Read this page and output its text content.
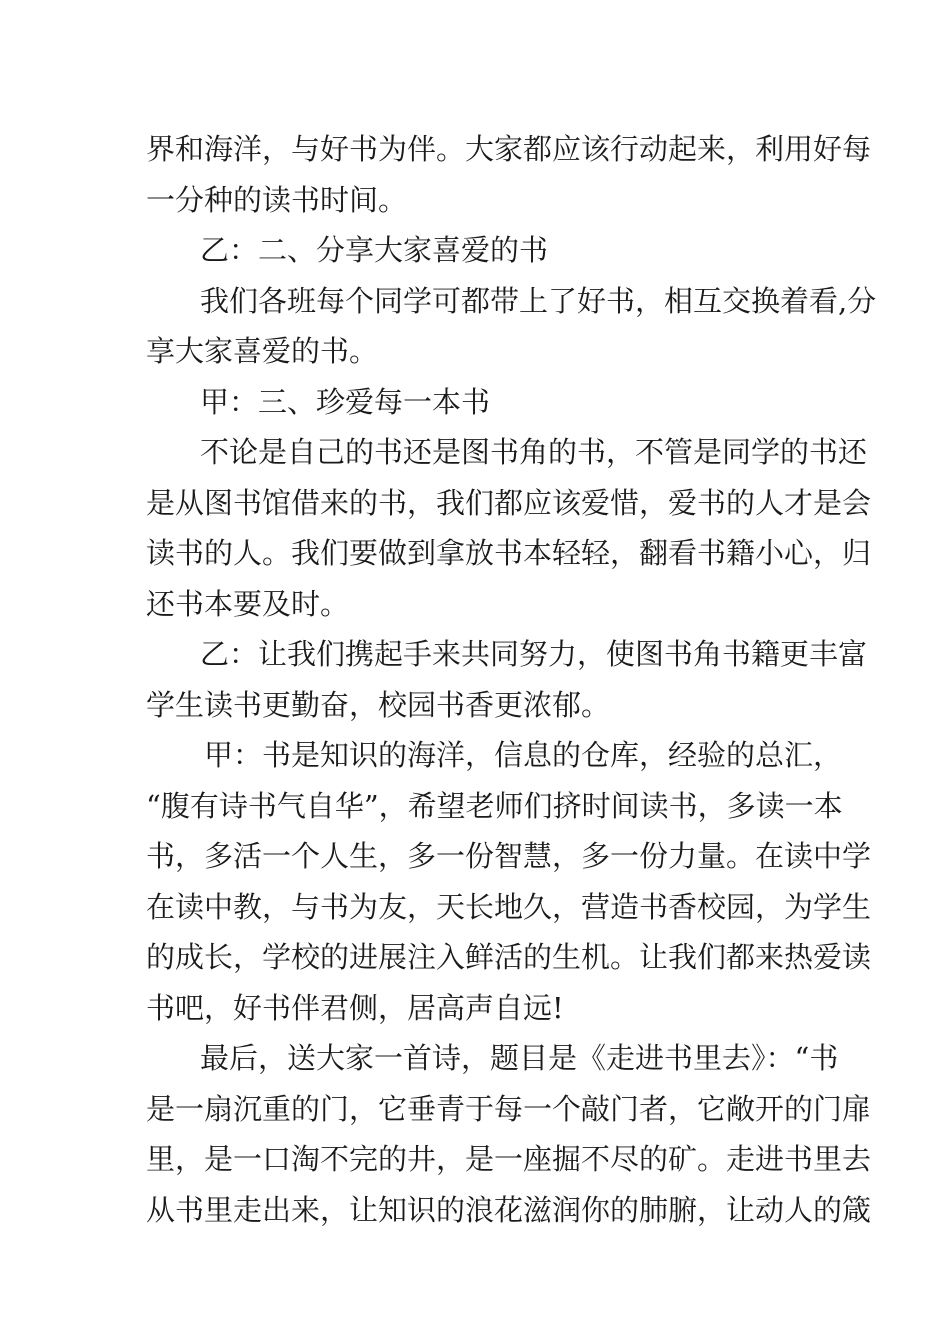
界和海洋，与好书为伴。大家都应该行动起来，利用好每
一分种的读书时间。
乙：二、分享大家喜爱的书
我们各班每个同学可都带上了好书，相互交换着看,分
享大家喜爱的书。
甲：三、珍爱每一本书
不论是自己的书还是图书角的书，不管是同学的书还
是从图书馆借来的书，我们都应该爱惜，爱书的人才是会
读书的人。我们要做到拿放书本轻轻，翻看书籍小心，归
还书本要及时。
乙：让我们携起手来共同努力，使图书角书籍更丰富
学生读书更勤奋，校园书香更浓郁。
甲：书是知识的海洋，信息的仓库，经验的总汇，
“腹有诗书气自华”，希望老师们挤时间读书，多读一本
书，多活一个人生，多一份智慧，多一份力量。在读中学
在读中教，与书为友，天长地久，营造书香校园，为学生
的成长，学校的进展注入鲜活的生机。让我们都来热爱读
书吧，好书伴君侧，居高声自远!
最后，送大家一首诗，题目是《走进书里去》：“书
是一扇沉重的门，它垂青于每一个敲门者，它敞开的门扉
里，是一口淘不完的井，是一座掘不尽的矿。走进书里去
从书里走出来，让知识的浪花滋润你的肺腑，让动人的箴
